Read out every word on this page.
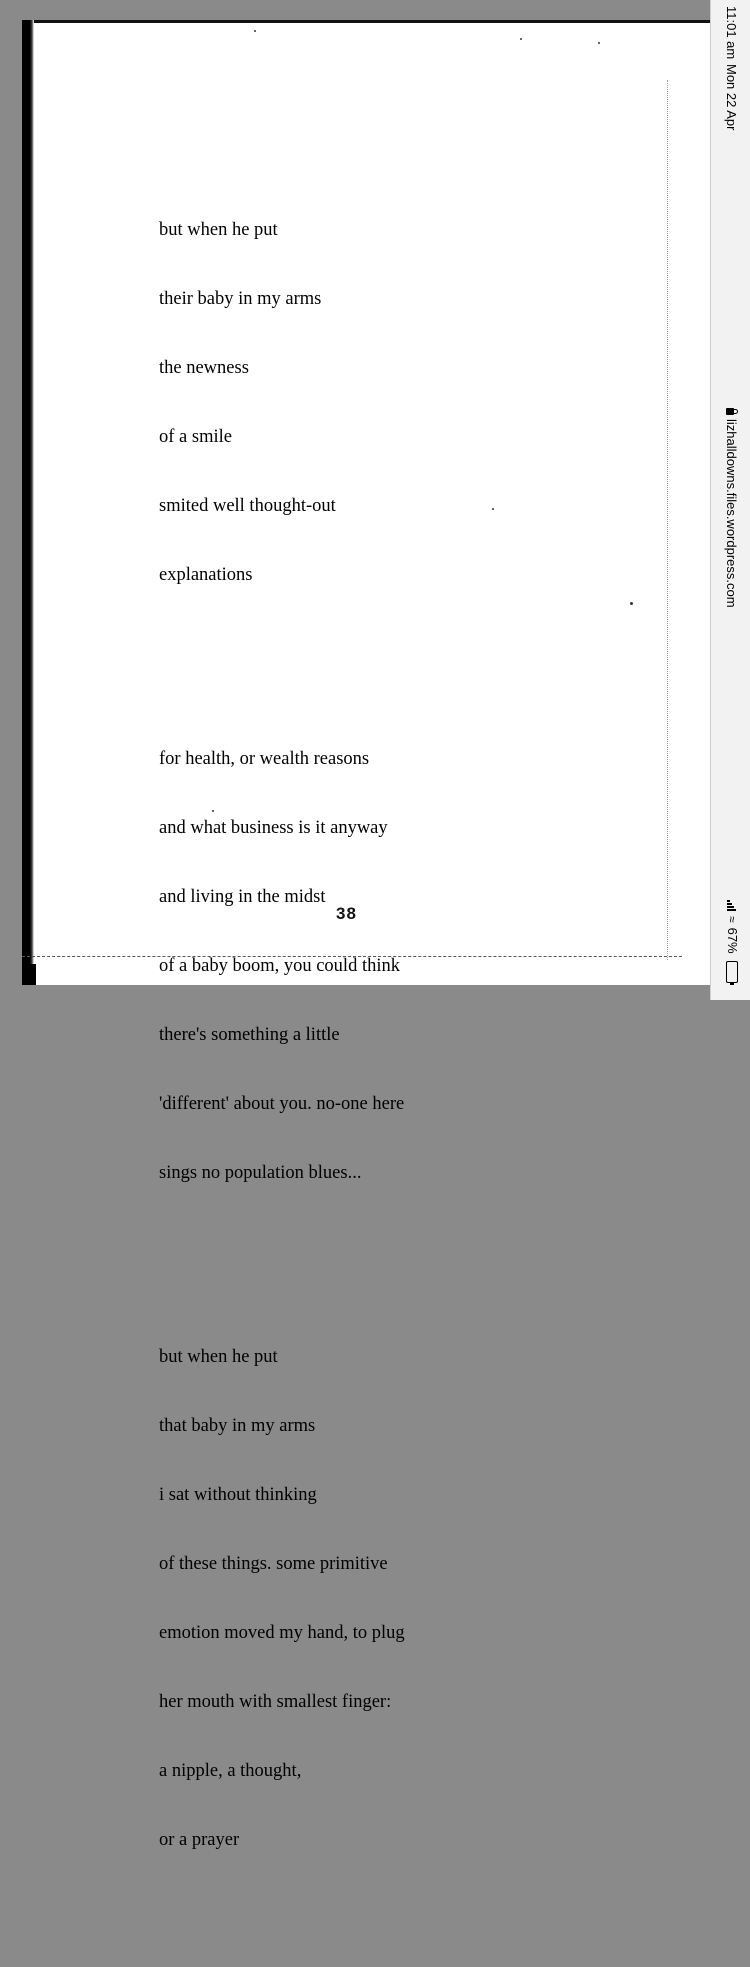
but when he put

their baby in my arms

the newness

of a smile

smited well thought-out

explanations

for health, or wealth reasons

and what business is it anyway

and living in the midst

of a baby boom, you could think

there's something a little

'different' about you. no-one here

sings no population blues...

but when he put

that baby in my arms

i sat without thinking

of these things. some primitive

emotion moved my hand, to plug

her mouth with smallest finger:

a nipple, a thought,

or a prayer

38
11:01 am
Mon 22 Apr
lizhalldowns.files.wordpress.com
≈
67%
